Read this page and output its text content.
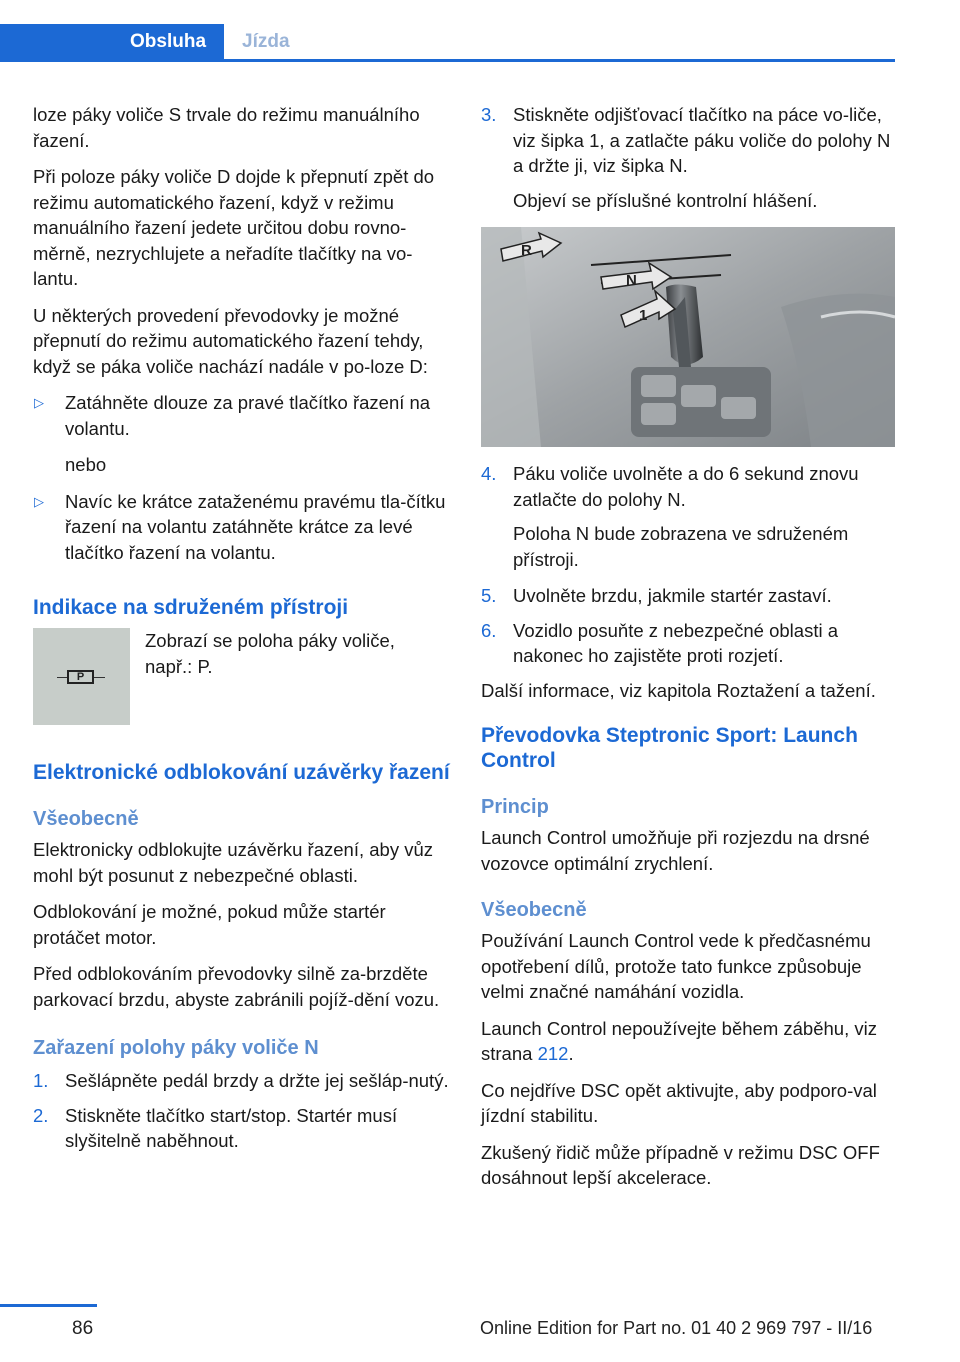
Obsluha	Jízda

loze páky voliče S trvale do režimu manuálního řazení.

Při poloze páky voliče D dojde k přepnutí zpět do režimu automatického řazení, když v režimu manuálního řazení jedete určitou dobu rovno‐měrně, nezrychlujete a neřadíte tlačítky na vo‐lantu.

U některých provedení převodovky je možné přepnutí do režimu automatického řazení tehdy, když se páka voliče nachází nadále v po‐loze D:

▷ Zatáhněte dlouze za pravé tlačítko řazení na volantu.
nebo
▷ Navíc ke krátce zataženému pravému tla‐čítku řazení na volantu zatáhněte krátce za levé tlačítko řazení na volantu.
Indikace na sdruženém přístroji
P
Zobrazí se poloha páky voliče, např.: P.
Elektronické odblokování uzávěrky řazení
Všeobecně

Elektronicky odblokujte uzávěrku řazení, aby vůz mohl být posunut z nebezpečné oblasti.

Odblokování je možné, pokud může startér protáčet motor.

Před odblokováním převodovky silně za‐brzděte parkovací brzdu, abyste zabránili pojíž‐dění vozu.

Zařazení polohy páky voliče N
1. Sešlápněte pedál brzdy a držte jej sešláp‐nutý.
2. Stiskněte tlačítko start/stop. Startér musí slyšitelně naběhnout.
3. Stiskněte odjišťovací tlačítko na páce vo‐liče, viz šipka 1, a zatlačte páku voliče do polohy N a držte ji, viz šipka N.
Objeví se příslušné kontrolní hlášení.
R
N
1
4. Páku voliče uvolněte a do 6 sekund znovu zatlačte do polohy N.
Poloha N bude zobrazena ve sdruženém přístroji.
5. Uvolněte brzdu, jakmile startér zastaví.
6. Vozidlo posuňte z nebezpečné oblasti a nakonec ho zajistěte proti rozjetí.

Další informace, viz kapitola Roztažení a tažení.

Převodovka Steptronic Sport: Launch Control
Princip

Launch Control umožňuje při rozjezdu na drsné vozovce optimální zrychlení.

Všeobecně

Používání Launch Control vede k předčasnému opotřebení dílů, protože tato funkce způsobuje velmi značné namáhání vozidla.

Launch Control nepoužívejte během záběhu, viz strana 212.

Co nejdříve DSC opět aktivujte, aby podporo‐val jízdní stabilitu.

Zkušený řidič může případně v režimu DSC OFF dosáhnout lepší akcelerace.

86	Online Edition for Part no. 01 40 2 969 797 - II/16
